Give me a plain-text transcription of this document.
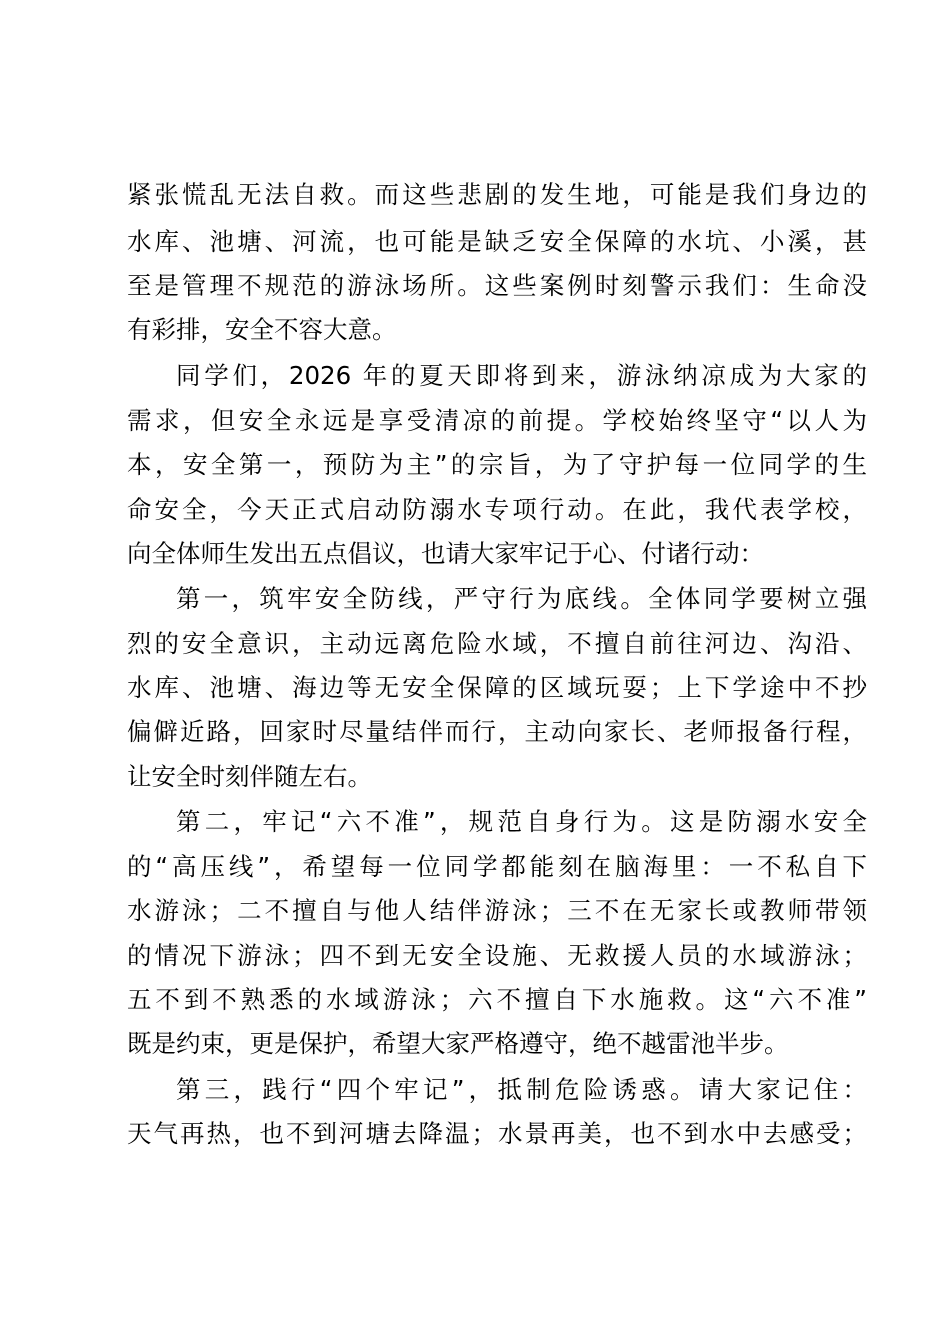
紧张慌乱无法自救。而这些悲剧的发生地，可能是我们身边的
水库、池塘、河流，也可能是缺乏安全保障的水坑、小溪，甚
至是管理不规范的游泳场所。这些案例时刻警示我们：生命没
有彩排，安全不容大意。
同学们，2026 年的夏天即将到来，游泳纳凉成为大家的
需求，但安全永远是享受清凉的前提。学校始终坚守“以人为
本，安全第一，预防为主”的宗旨，为了守护每一位同学的生
命安全，今天正式启动防溺水专项行动。在此，我代表学校，
向全体师生发出五点倡议，也请大家牢记于心、付诸行动：
第一，筑牢安全防线，严守行为底线。全体同学要树立强
烈的安全意识，主动远离危险水域，不擅自前往河边、沟沿、
水库、池塘、海边等无安全保障的区域玩耍；上下学途中不抄
偏僻近路，回家时尽量结伴而行，主动向家长、老师报备行程，
让安全时刻伴随左右。
第二，牢记“六不准”，规范自身行为。这是防溺水安全
的“高压线”，希望每一位同学都能刻在脑海里：一不私自下
水游泳；二不擅自与他人结伴游泳；三不在无家长或教师带领
的情况下游泳；四不到无安全设施、无救援人员的水域游泳；
五不到不熟悉的水域游泳；六不擅自下水施救。这“六不准”
既是约束，更是保护，希望大家严格遵守，绝不越雷池半步。
第三，践行“四个牢记”，抵制危险诱惑。请大家记住：
天气再热，也不到河塘去降温；水景再美，也不到水中去感受；
